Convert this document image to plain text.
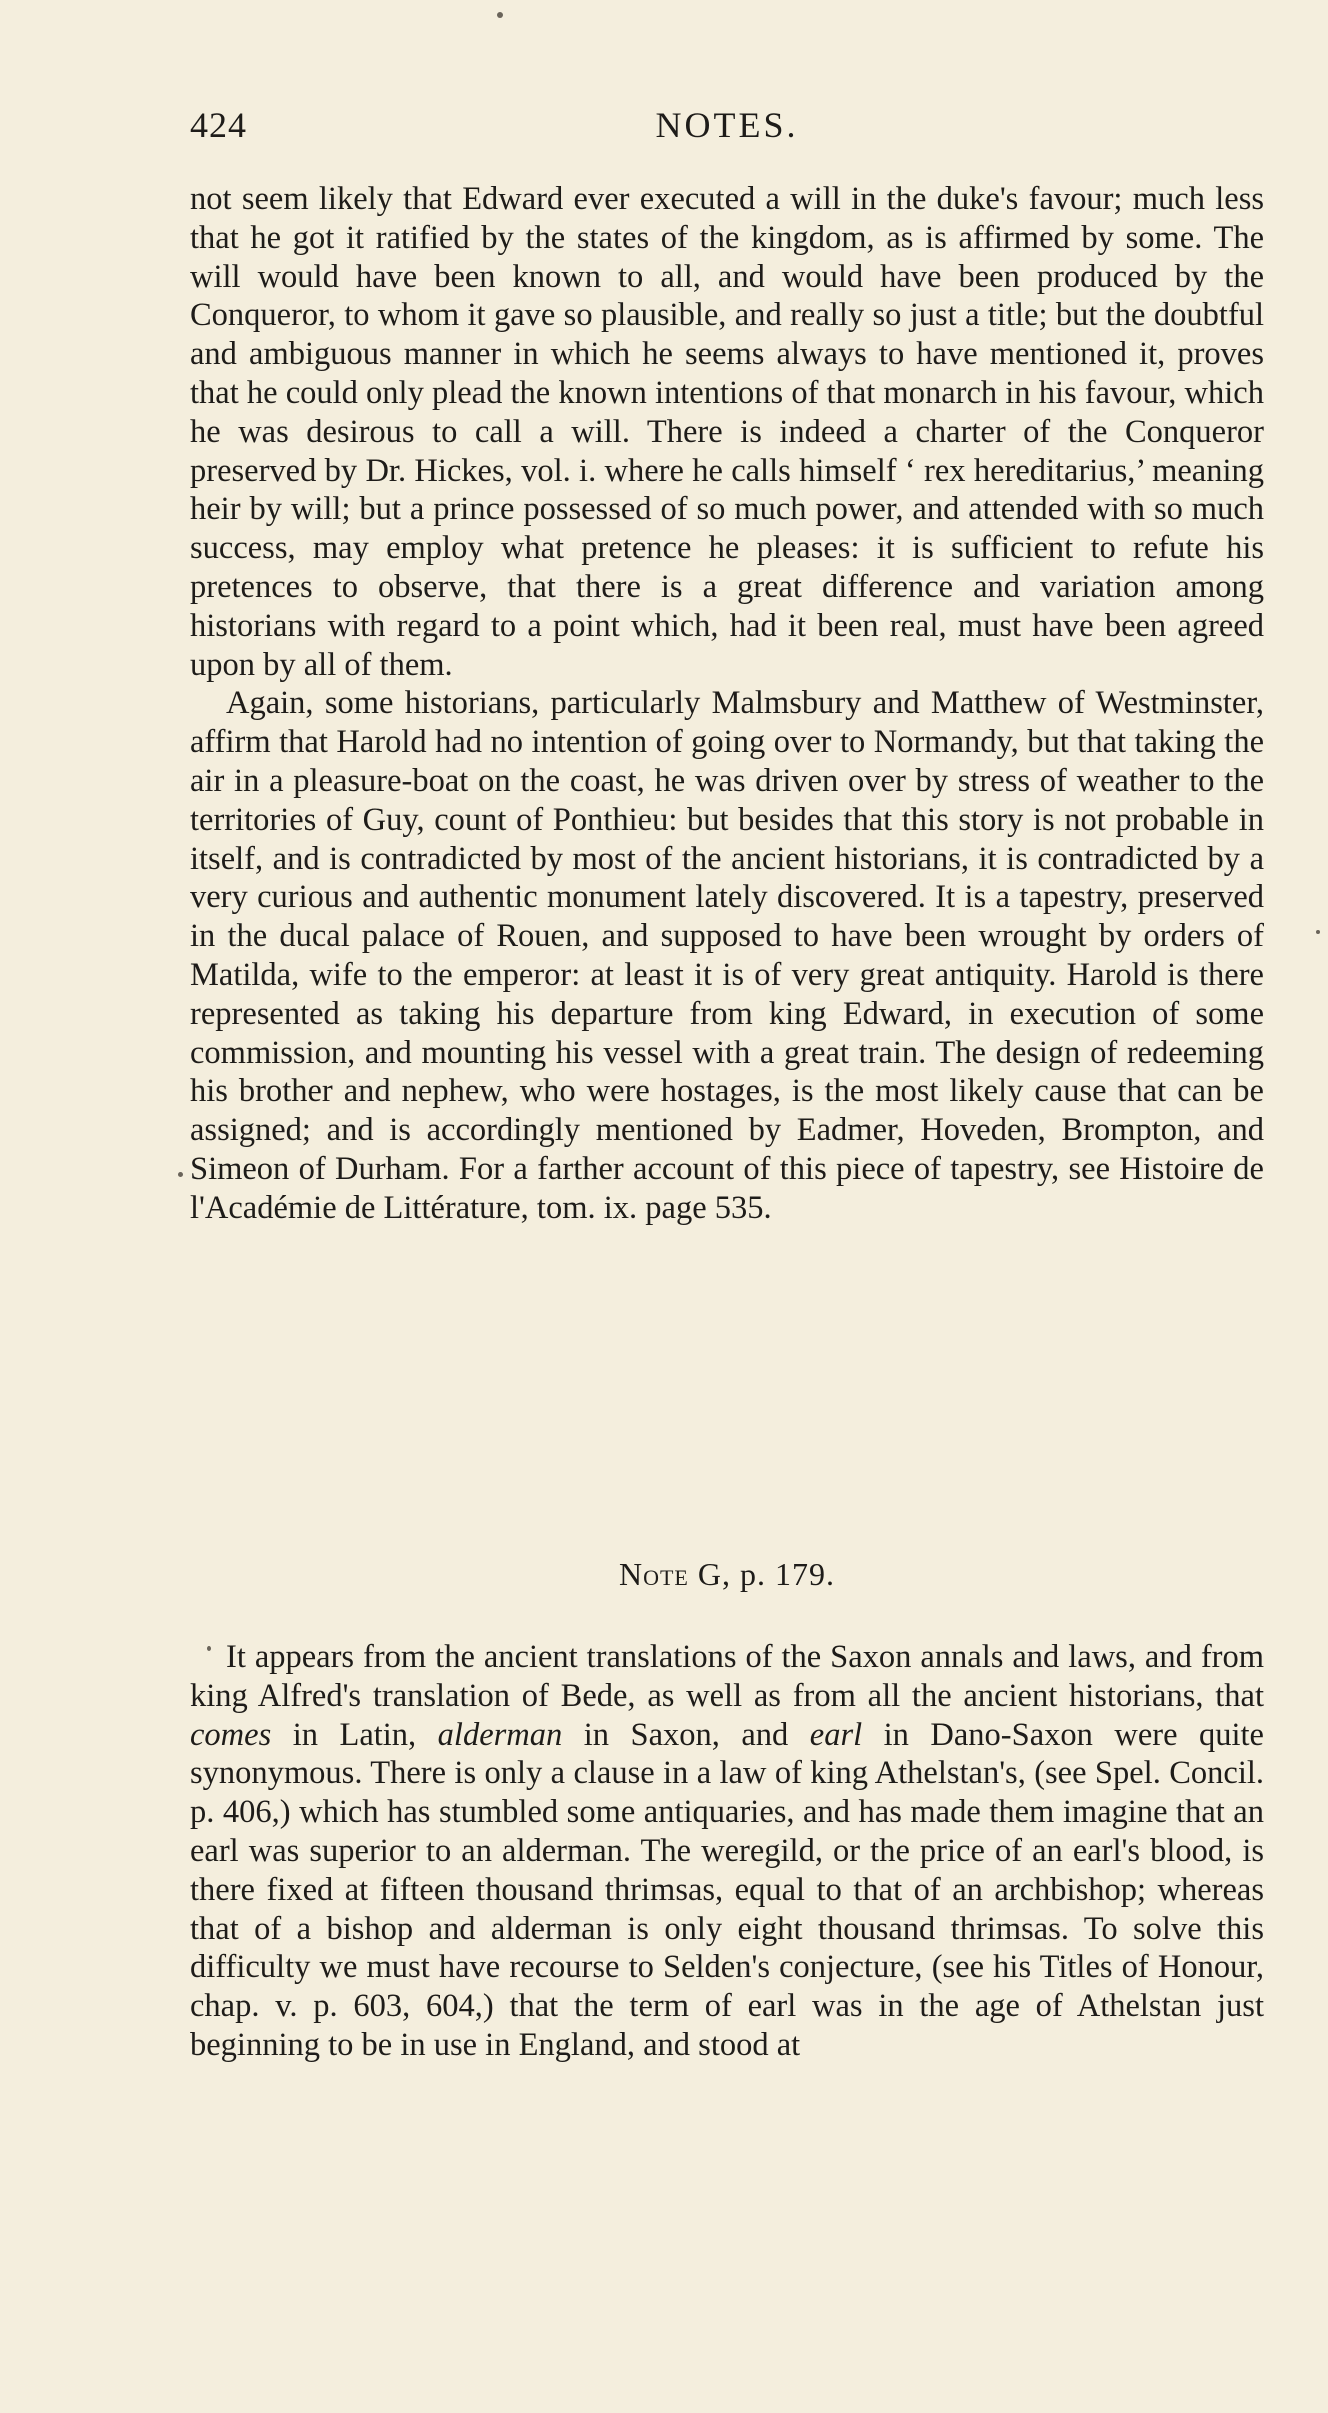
424	NOTES.

not seem likely that Edward ever executed a will in the duke's favour; much less that he got it ratified by the states of the kingdom, as is affirmed by some. The will would have been known to all, and would have been produced by the Conqueror, to whom it gave so plausible, and really so just a title; but the doubtful and ambiguous manner in which he seems always to have mentioned it, proves that he could only plead the known intentions of that monarch in his favour, which he was desirous to call a will. There is indeed a charter of the Conqueror preserved by Dr. Hickes, vol. i. where he calls himself ‘ rex hereditarius,’ meaning heir by will; but a prince possessed of so much power, and attended with so much success, may employ what pretence he pleases: it is sufficient to refute his pretences to observe, that there is a great difference and variation among historians with regard to a point which, had it been real, must have been agreed upon by all of them.

Again, some historians, particularly Malmsbury and Matthew of Westminster, affirm that Harold had no intention of going over to Normandy, but that taking the air in a pleasure-boat on the coast, he was driven over by stress of weather to the territories of Guy, count of Ponthieu: but besides that this story is not probable in itself, and is contradicted by most of the ancient historians, it is contradicted by a very curious and authentic monument lately discovered. It is a tapestry, preserved in the ducal palace of Rouen, and supposed to have been wrought by orders of Matilda, wife to the emperor: at least it is of very great antiquity. Harold is there represented as taking his departure from king Edward, in execution of some commission, and mounting his vessel with a great train. The design of redeeming his brother and nephew, who were hostages, is the most likely cause that can be assigned; and is accordingly mentioned by Eadmer, Hoveden, Brompton, and Simeon of Durham. For a farther account of this piece of tapestry, see Histoire de l'Académie de Littérature, tom. ix. page 535.

Note G, p. 179.

It appears from the ancient translations of the Saxon annals and laws, and from king Alfred's translation of Bede, as well as from all the ancient historians, that comes in Latin, alderman in Saxon, and earl in Dano-Saxon were quite synonymous. There is only a clause in a law of king Athelstan's, (see Spel. Concil. p. 406,) which has stumbled some antiquaries, and has made them imagine that an earl was superior to an alderman. The weregild, or the price of an earl's blood, is there fixed at fifteen thousand thrimsas, equal to that of an archbishop; whereas that of a bishop and alderman is only eight thousand thrimsas. To solve this difficulty we must have recourse to Selden's conjecture, (see his Titles of Honour, chap. v. p. 603, 604,) that the term of earl was in the age of Athelstan just beginning to be in use in England, and stood at
